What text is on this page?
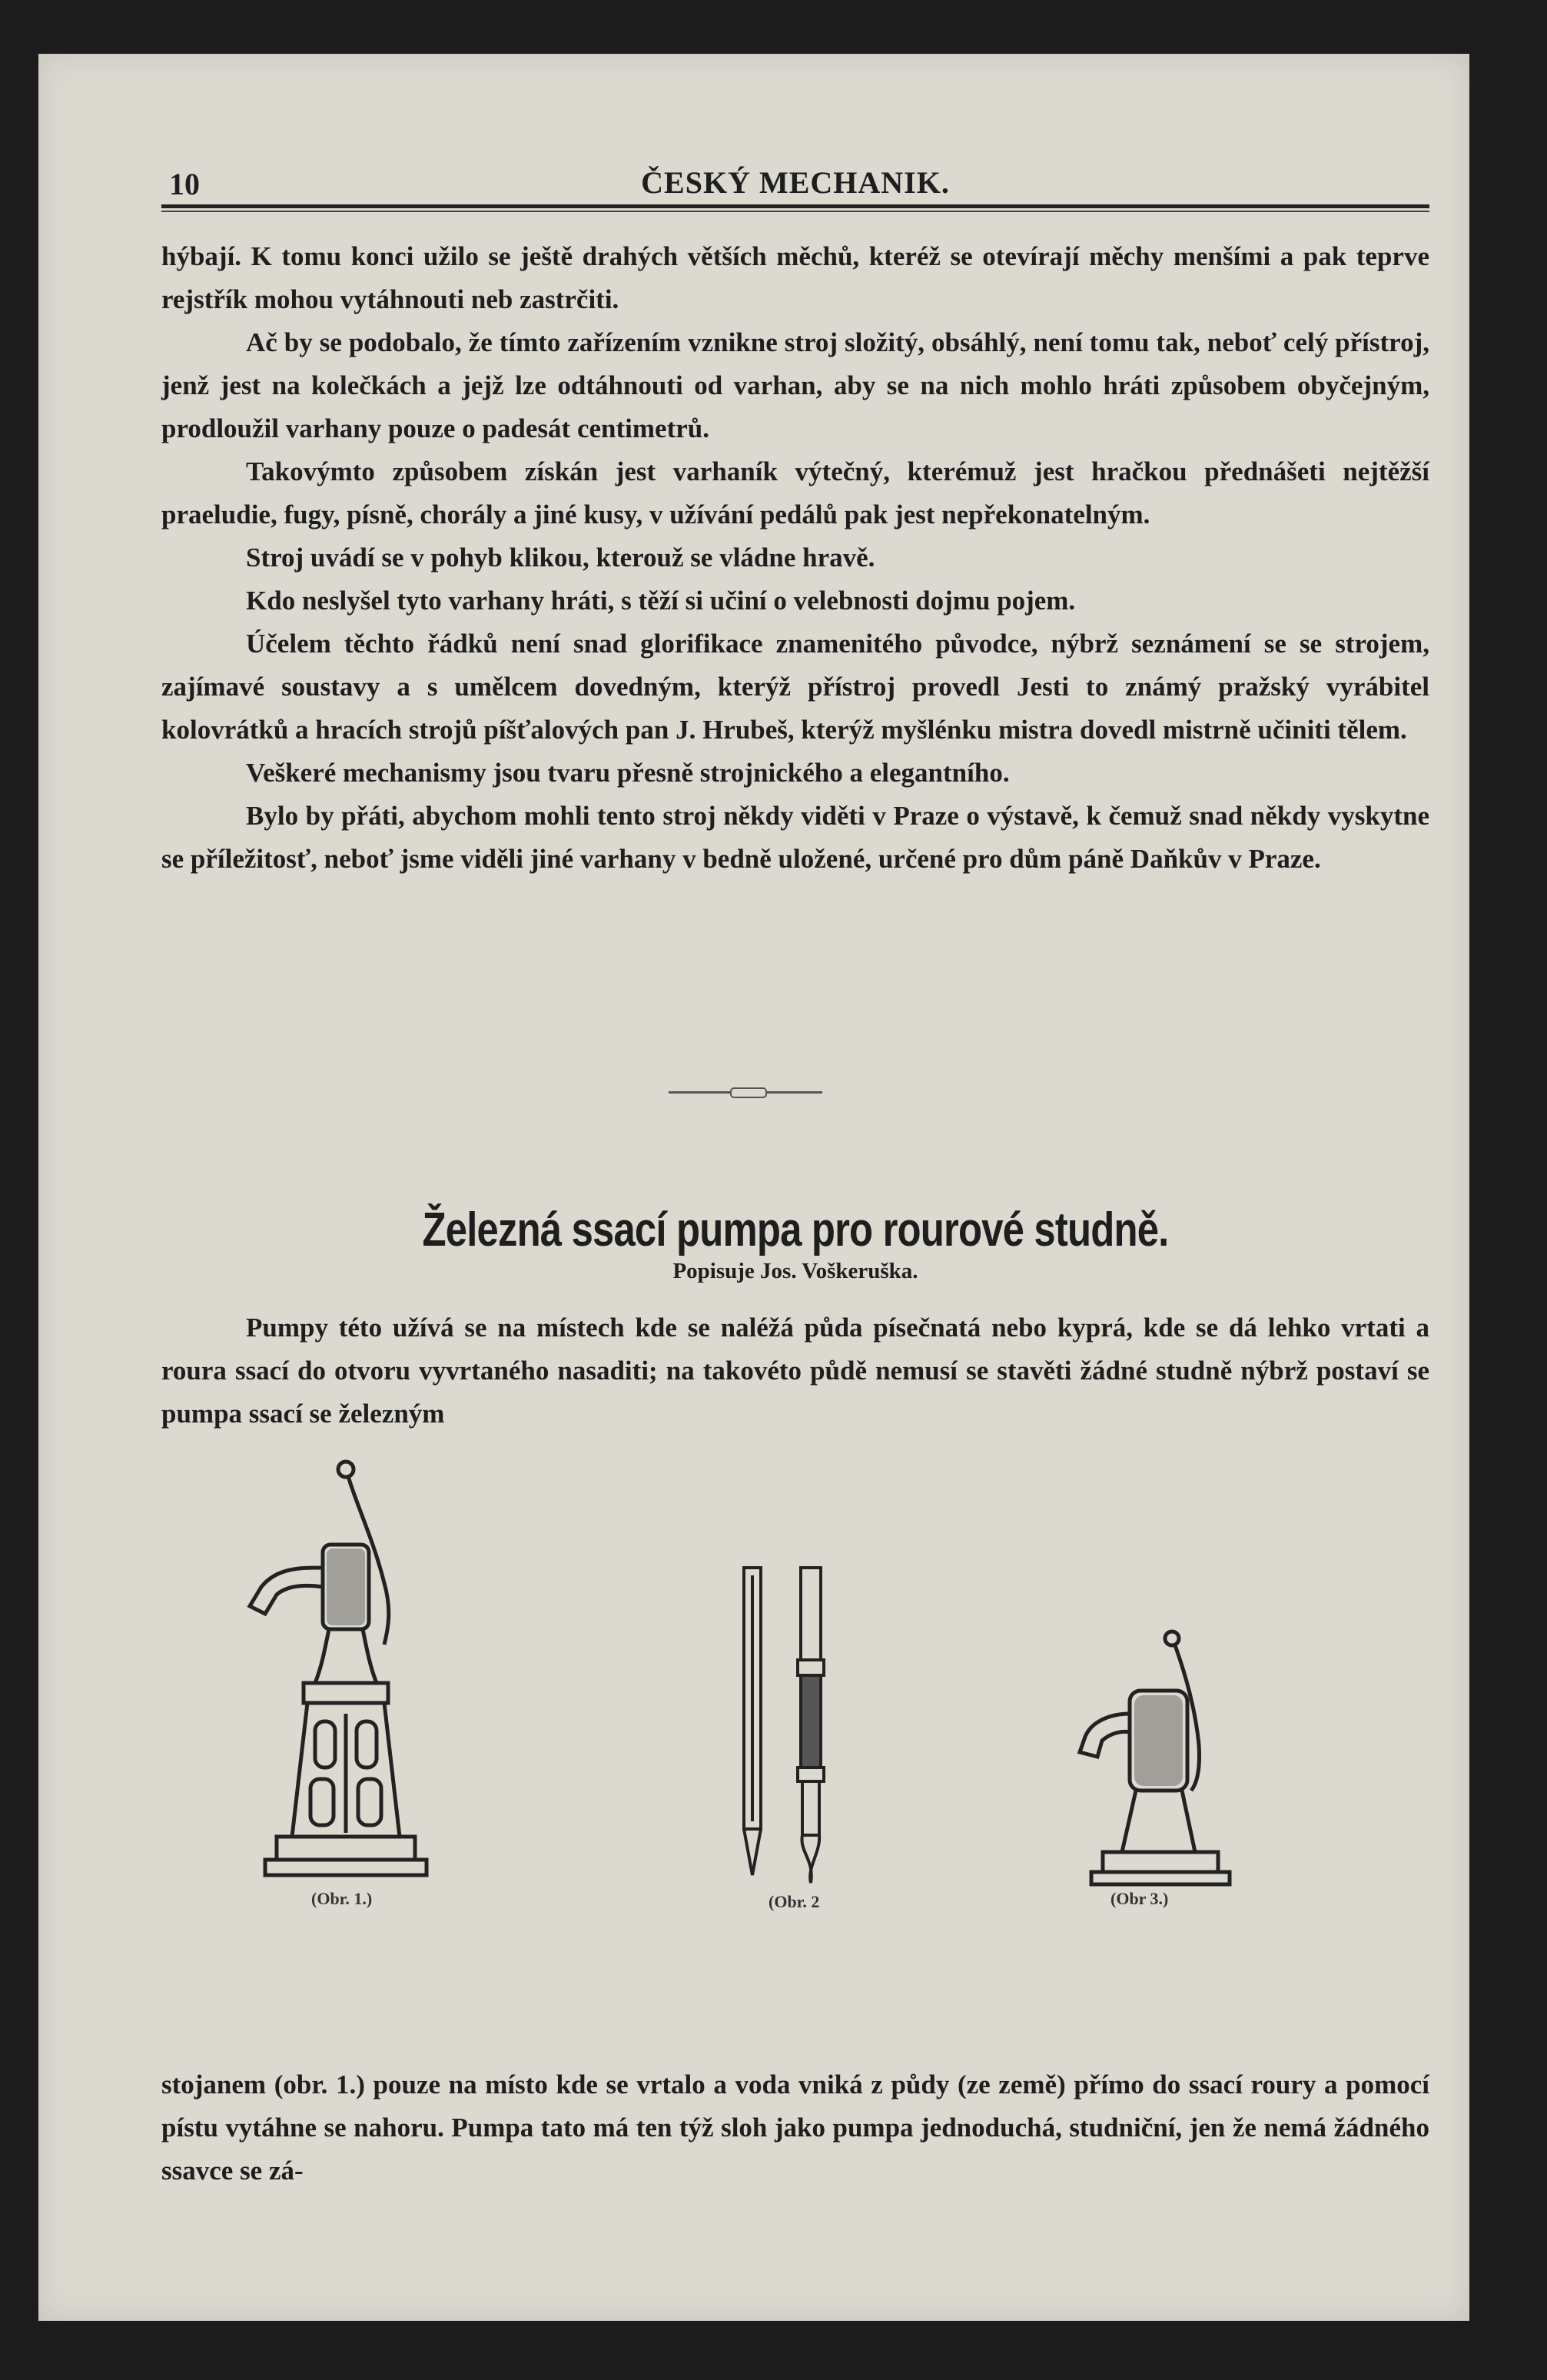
10	ČESKÝ MECHANIK.

hýbají. K tomu konci užilo se ještě drahých větších měchů, kteréž se otevírají měchy menšími a pak teprve rejstřík mohou vytáhnouti neb zastrčiti.

Ač by se podobalo, že tímto zařízením vznikne stroj složitý, obsáhlý, není tomu tak, neboť celý přístroj, jenž jest na kolečkách a jejž lze odtáhnouti od varhan, aby se na nich mohlo hráti způsobem obyčejným, prodloužil varhany pouze o padesát centimetrů.

Takovýmto způsobem získán jest varhaník výtečný, kterémuž jest hračkou přednášeti nejtěžší praeludie, fugy, písně, chorály a jiné kusy, v užívání pedálů pak jest nepřekonatelným.

Stroj uvádí se v pohyb klikou, kterouž se vládne hravě.

Kdo neslyšel tyto varhany hráti, s těží si učiní o velebnosti dojmu pojem.

Účelem těchto řádků není snad glorifikace znamenitého původce, nýbrž seznámení se se strojem, zajímavé soustavy a s umělcem dovedným, kterýž přístroj provedl Jesti to známý pražský vyrábitel kolovrátků a hracích strojů píšťalových pan J. Hrubeš, kterýž myšlénku mistra dovedl mistrně učiniti tělem.

Veškeré mechanismy jsou tvaru přesně strojnického a elegantního.

Bylo by přáti, abychom mohli tento stroj někdy viděti v Praze o výstavě, k čemuž snad někdy vyskytne se příležitosť, neboť jsme viděli jiné varhany v bedně uložené, určené pro dům páně Daňkův v Praze.

Železná ssací pumpa pro rourové studně.
Popisuje Jos. Voškeruška.

Pumpy této užívá se na místech kde se naléžá půda písečnatá nebo kyprá, kde se dá lehko vrtati a roura ssací do otvoru vyvrtaného nasaditi; na takovéto půdě nemusí se stavěti žádné studně nýbrž postaví se pumpa ssací se železným

(Obr. 1.)	(Obr. 2	(Obr 3.)

stojanem (obr. 1.) pouze na místo kde se vrtalo a voda vniká z půdy (ze země) přímo do ssací roury a pomocí pístu vytáhne se nahoru. Pumpa tato má ten týž sloh jako pumpa jednoduchá, studniční, jen že nemá žádného ssavce se zá-
